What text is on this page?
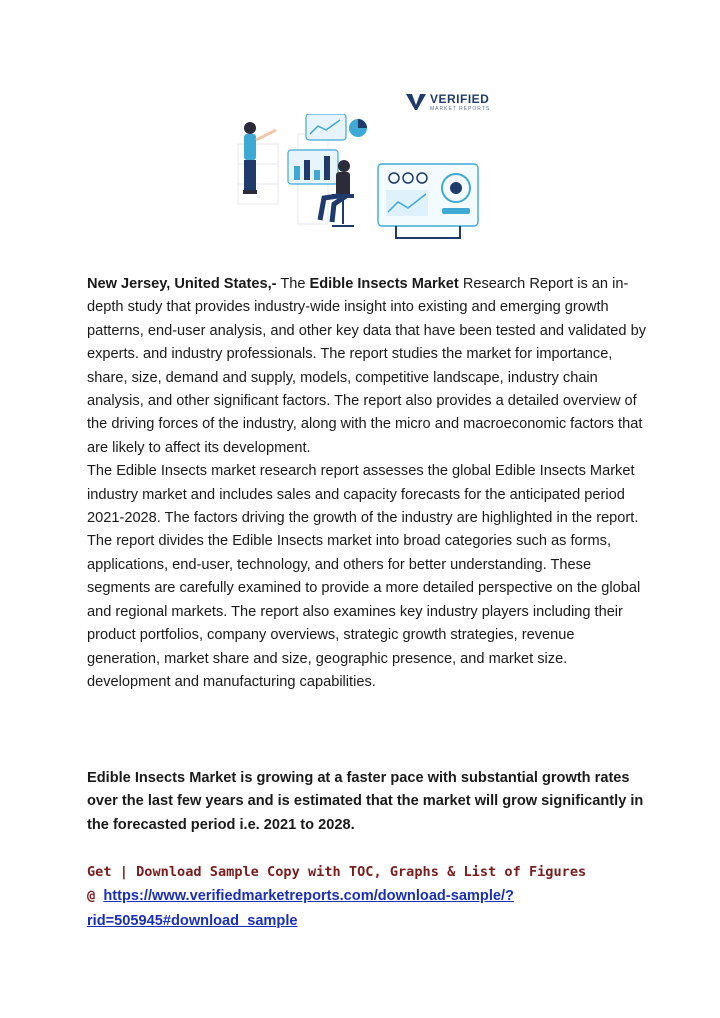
VERIFIED
MARKET REPORTS

New Jersey, United States,- The Edible Insects Market Research Report is an in-depth study that provides industry-wide insight into existing and emerging growth patterns, end-user analysis, and other key data that have been tested and validated by experts. and industry professionals. The report studies the market for importance, share, size, demand and supply, models, competitive landscape, industry chain analysis, and other significant factors. The report also provides a detailed overview of the driving forces of the industry, along with the micro and macroeconomic factors that are likely to affect its development.

The Edible Insects market research report assesses the global Edible Insects Market industry market and includes sales and capacity forecasts for the anticipated period 2021-2028. The factors driving the growth of the industry are highlighted in the report. The report divides the Edible Insects market into broad categories such as forms, applications, end-user, technology, and others for better understanding. These segments are carefully examined to provide a more detailed perspective on the global and regional markets. The report also examines key industry players including their product portfolios, company overviews, strategic growth strategies, revenue generation, market share and size, geographic presence, and market size. development and manufacturing capabilities.

Edible Insects Market is growing at a faster pace with substantial growth rates over the last few years and is estimated that the market will grow significantly in the forecasted period i.e. 2021 to 2028.

Get | Download Sample Copy with TOC, Graphs & List of Figures
@ https://www.verifiedmarketreports.com/download-sample/?rid=505945#download_sample
